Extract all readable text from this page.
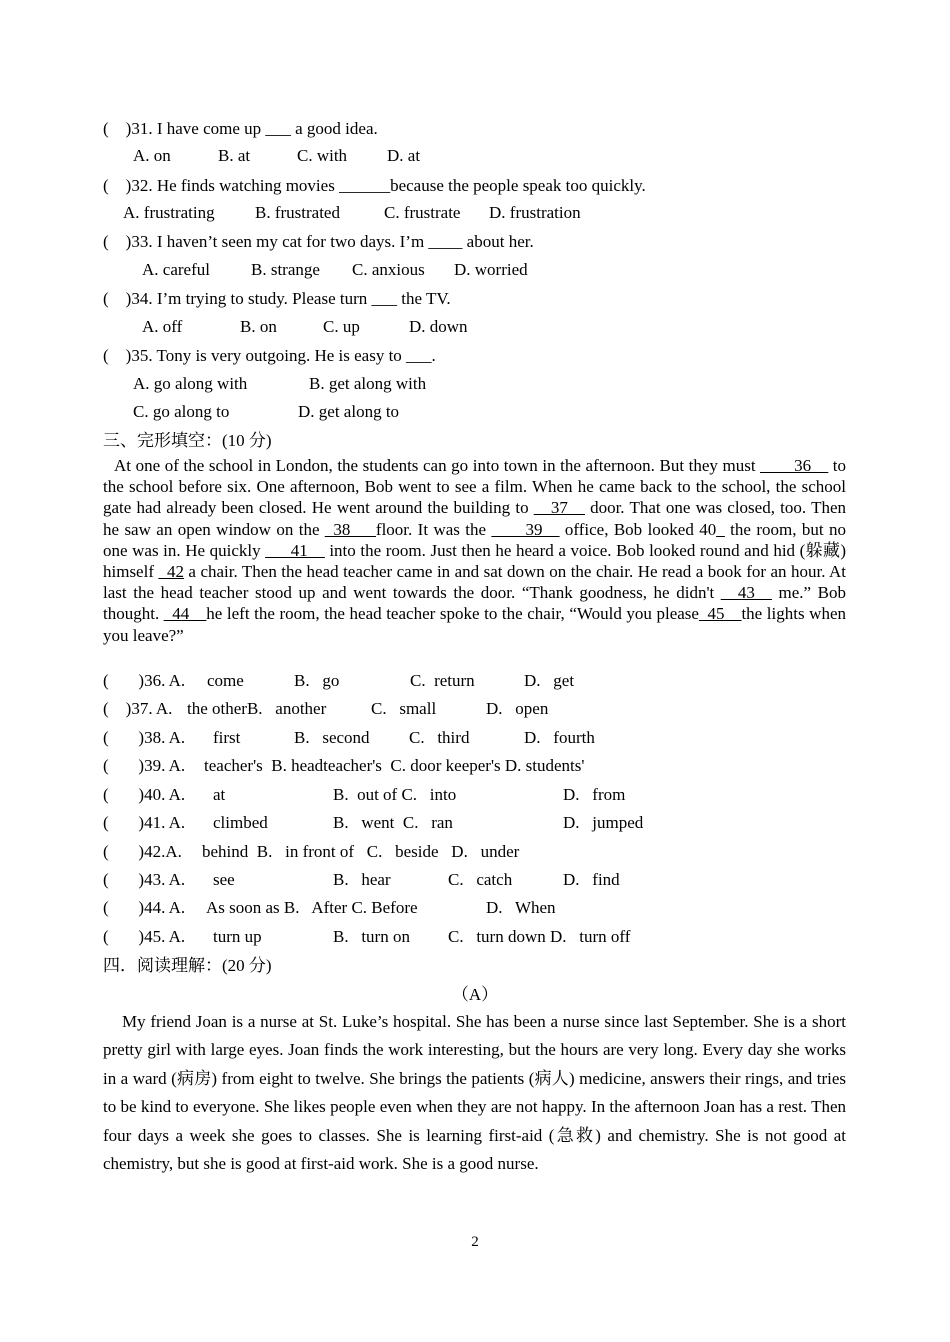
(    )31. I have come up ___ a good idea.
A. on	B. at	C. with D. at
(    )32. He finds watching movies ______because the people speak too quickly.
A. frustrating B. frustrated	C. frustrate D. frustration
(    )33. I haven’t seen my cat for two days. I’m ____ about her.
A. careful B. strange C. anxious D. worried
(    )34. I’m trying to study. Please turn ___ the TV.
A. off	B. on	C. up	D. down
(    )35. Tony is very outgoing. He is easy to ___.
A. go along with	B. get along with
C. go along to	D. get along to
三、完形填空：(10 分)
At one of the school in London, the students can go into town in the afternoon. But they must ____36__ to the school before six. One afternoon, Bob went to see a film. When he came back to the school, the school gate had already been closed. He went around the building to __37__ door. That one was closed, too. Then he saw an open window on the _38___floor. It was the ____39__ office, Bob looked 40_ the room, but no one was in. He quickly ___41__ into the room. Just then he heard a voice. Bob looked round and hid (躲藏) himself _42 a chair. Then the head teacher came in and sat down on the chair. He read a book for an hour. At last the head teacher stood up and went towards the door. “Thank goodness, he didn't __43__ me.” Bob thought. _44__he left the room, the head teacher spoke to the chair, “Would you please_45__the lights when you leave?”
(       )36. A. come	B.   go	C.  return	D.   get
(    )37. A. the otherB.   another	C.   small	D.   open
(       )38. A. first	B.   second C.   third	D.   fourth
(       )39. A. teacher's  B. headteacher's  C. door keeper's D. students'
(       )40. A. at	B.  out of C.   into	D.   from
(       )41. A. climbed	B.   went  C.   ran	D.   jumped
(       )42.A. behind  B.   in front of   C.   beside   D.   under
(       )43. A. see	B.   hear	C.   catch	D.   find
(       )44. A. As soon as B.   After C. Before	D.   When
(       )45. A. turn up	B.   turn on C.   turn down D.   turn off
四．阅读理解：(20 分)
（A）
My friend Joan is a nurse at St. Luke’s hospital. She has been a nurse since last September. She is a short pretty girl with large eyes. Joan finds the work interesting, but the hours are very long. Every day she works in a ward (病房) from eight to twelve. She brings the patients (病人) medicine, answers their rings, and tries to be kind to everyone. She likes people even when they are not happy. In the afternoon Joan has a rest. Then four days a week she goes to classes. She is learning first-aid (急救) and chemistry. She is not good at chemistry, but she is good at first-aid work. She is a good nurse.
2
